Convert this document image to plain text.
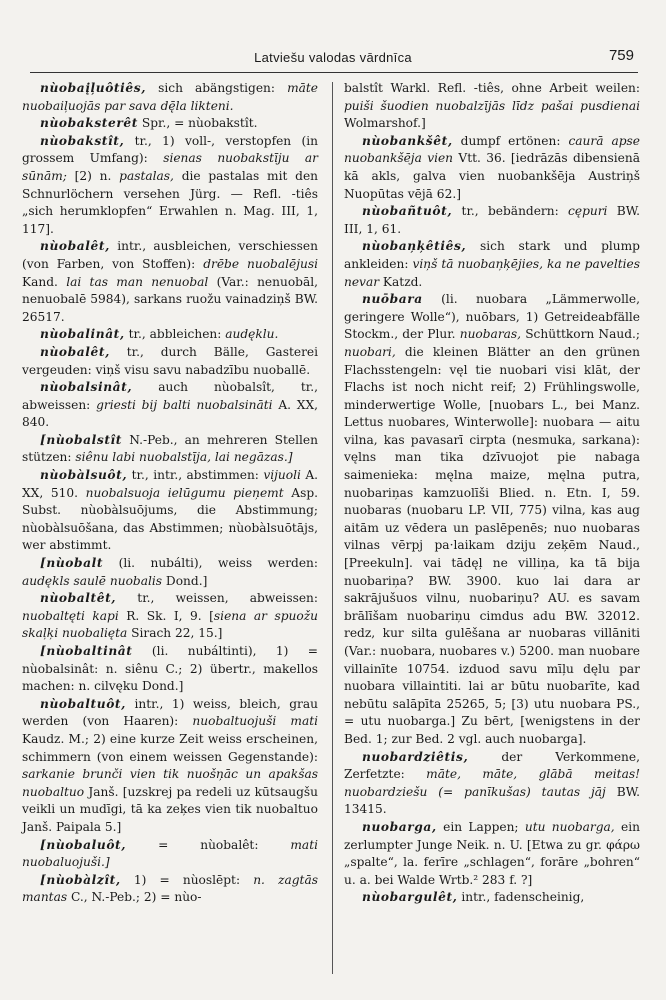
Latviešu valodas vārdnīca	759

nùobaįļuôtiês, sich abängstigen: māte nuobaiļuojās par sava dę̄la likteni.

nùobaksterêt Spr., = nùobakstît.

nùobakstît, tr., 1) voll-, verstopfen (in grossem Umfang): sienas nuobakstīju ar sūnām; [2) n. pastalas, die pastalas mit den Schnurlöchern versehen Jürg. — Refl. -tiês „sich herumklopfen“ Erwahlen n. Mag. III, 1, 117].

nùobalêt, intr., ausbleichen, verschiessen (von Farben, von Stoffen): drēbe nuobalējusi Kand. lai tas man nenuobal (Var.: nenuobāl, nenuobalē 5984), sarkans ruožu vainadziņš BW. 26517.

nùobalinât, tr., abbleichen: audęklu.

nùobalêt, tr., durch Bälle, Gasterei vergeuden: viņš visu savu nabadzību nuoballē.

nùobalsinât, auch nùobalsît, tr., abweissen: griesti bij balti nuobalsināti A. XX, 840.

[nùobalstît N.-Peb., an mehreren Stellen stützen: siênu labi nuobalstīja, lai negāzas.]

nùobàlsuôt, tr., intr., abstimmen: vijuoli A. XX, 510. nuobalsuoja ielūgumu pieņemt Asp. Subst. nùobàlsuōjums, die Abstimmung; nùobàlsuōšana, das Abstimmen; nùobàlsuōtājs, wer abstimmt.

[nùobalt (li. nubálti), weiss werden: audękls saulē nuobalis Dond.]

nùobaltêt, tr., weissen, abweissen: nuobaltęti kapi R. Sk. I, 9. [siena ar spuožu skaļķi nuobalięta Sirach 22, 15.]

[nùobaltinât (li. nubáltinti), 1) = nùobalsinât: n. siênu C.; 2) übertr., makellos machen: n. cilvęku Dond.]

nùobaltuôt, intr., 1) weiss, bleich, grau werden (von Haaren): nuobaltuojuši mati Kaudz. M.; 2) eine kurze Zeit weiss erscheinen, schimmern (von einem weissen Gegenstande): sarkanie brunči vien tik nuošņāc un apakšas nuobaltuo Janš. [uzskrej pa redeli uz kūtsaugšu veikli un mudīgi, tā ka zeķes vien tik nuobaltuo Janš. Paipala 5.]

[nùobaluôt, = nùobalêt: mati nuobaluojuši.]

[nùobàlzît, 1) = nùoslēpt: n. zagtās mantas C., N.-Peb.; 2) = nùo-

balstît Warkl. Refl. -tiês, ohne Arbeit weilen: puiši šuodien nuobalzījās līdz pašai pusdienai Wolmarshof.]

nùobankšêt, dumpf ertönen: caurā apse nuobankšēja vien Vtt. 36. [iedrāzās dibensienā kā akls, galva vien nuobankšēja Austriņš Nuopūtas vējā 62.]

nùobañtuôt, tr., bebändern: cępuri BW. III, 1, 61.

nùobaņķêtiês, sich stark und plump ankleiden: viņš tā nuobaņķējies, ka ne pavelties nevar Katzd.

nuōbara (li. nuobara „Lämmerwolle, geringere Wolle“), nuōbars, 1) Getreideabfälle Stockm., der Plur. nuobaras, Schüttkorn Naud.; nuobari, die kleinen Blätter an den grünen Flachsstengeln: vęl tie nuobari visi klāt, der Flachs ist noch nicht reif; 2) Frühlingswolle, minderwertige Wolle, [nuobars L., bei Manz. Lettus nuobares, Winterwolle]: nuobara — aitu vilna, kas pavasarī cirpta (nesmuka, sarkana): vęlns man tika dzīvuojot pie nabaga saimenieka: męlna maize, męlna putra, nuobariņas kamzuolīši Blied. n. Etn. I, 59. nuobaras (nuobaru LP. VII, 775) vilna, kas aug aitām uz vēdera un paslēpenēs; nuo nuobaras vilnas vērpj pa·laikam dziju zeķēm Naud., [Preekuln]. vai tādęļ ne villiņa, ka tā bija nuobariņa? BW. 3900. kuo lai dara ar sakrājušuos vilnu, nuobariņu? AU. es savam brālīšam nuobariņu cimdus adu BW. 32012. redz, kur silta gulēšana ar nuobaras villāniti (Var.: nuobara, nuobares v.) 5200. man nuobare villainīte 10754. izduod savu mīļu dęlu par nuobara villaintiti. lai ar būtu nuobarīte, kad nebūtu salāpīta 25265, 5; [3) utu nuobara PS., = utu nuobarga.] Zu bērt, [wenigstens in der Bed. 1; zur Bed. 2 vgl. auch nuobarga].

nuobardziêtis, der Verkommene, Zerfetzte: māte, māte, glābā meitas! nuobardziešu (= panīkušas) tautas jāj BW. 13415.

nuobarga, ein Lappen; utu nuobarga, ein zerlumpter Junge Neik. n. U. [Etwa zu gr. φάρω „spalte“, la. ferīre „schlagen“, forāre „bohren“ u. a. bei Walde Wrtb.² 283 f. ?]

nùobargulêt, intr., fadenscheinig,
